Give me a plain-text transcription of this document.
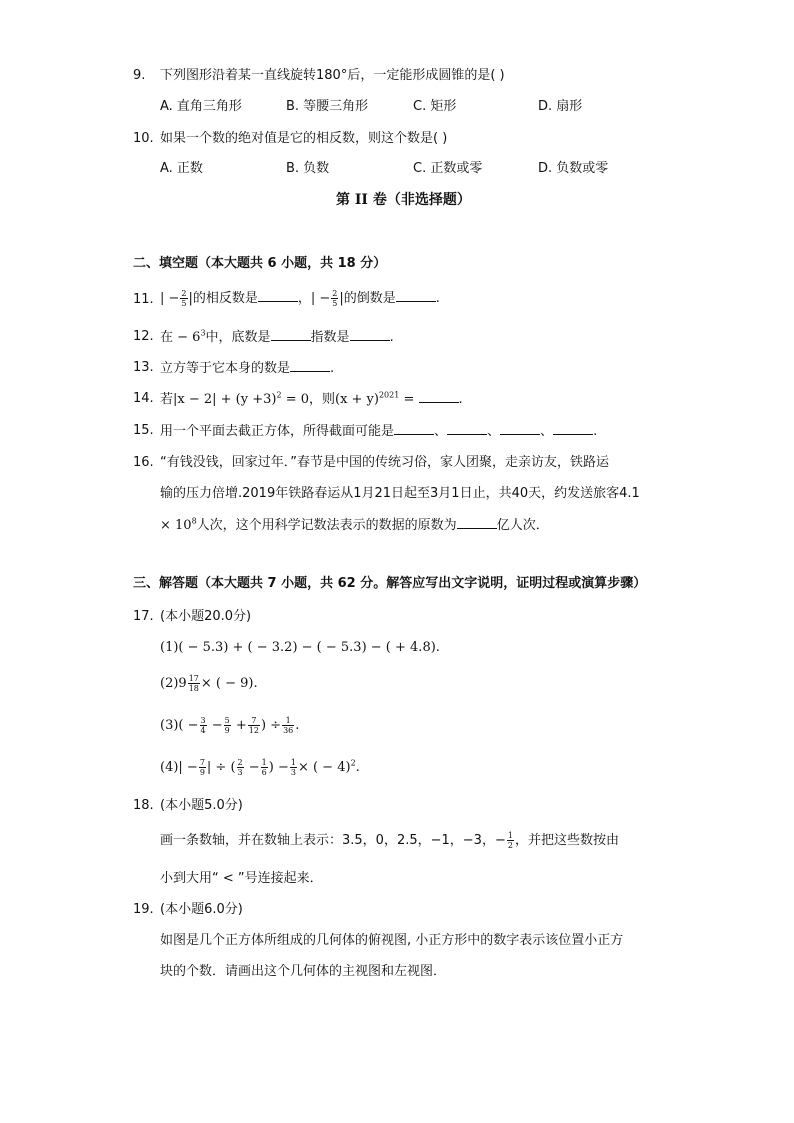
9. 下列图形沿着某一直线旋转180°后，一定能形成圆锥的是( )
A. 直角三角形	B. 等腰三角形	C. 矩形	D. 扇形
10. 如果一个数的绝对值是它的相反数，则这个数是( )
A. 正数	B. 负数	C. 正数或零	D. 负数或零
第 II 卷（非选择题）
二、填空题（本大题共 6 小题，共 18 分）
11. | − $\frac{2}{5}$ |的相反数是	，| − $\frac{2}{5}$ |的倒数是	.
12. 在 − $6^3$中，底数是	指数是	.
13. 立方等于它本身的数是	.
14. 若$|x - 2| + (y +3)^2 = 0$，则$(x + y)^{2021}$ =	.
15. 用一个平面去截正方体，所得截面可能是	、	、	、	.
16. “有钱没钱，回家过年．”春节是中国的传统习俗，家人团聚，走亲访友，铁路运
输的压力倍增.2019年铁路春运从1月21日起至3月1日止，共40天，约发送旅客4.1
× $10^8$人次，这个用科学记数法表示的数据的原数为	亿人次．
三、解答题（本大题共 7 小题，共 62 分。解答应写出文字说明，证明过程或演算步骤）
17. (本小题20.0分)
(1)( − 5.3) + ( − 3.2) − ( − 5.3) − ( + 4.8).
$(2)9 \frac{17}{18}$ × ( − 9).
$(3)( - \frac{3}{4} - \frac{5}{9} + \frac{7}{12}$ ) ÷ $\frac{1}{36}$ .
$(4)| - \frac{7}{9}$ | ÷ ( $\frac{2}{3} - \frac{1}{6}$ ) − $\frac{1}{3}$ × ( − 4)$^2$.
18. (本小题5.0分)
画一条数轴，并在数轴上表示：3.5，0，2.5，−1，−3，− $\frac{1}{2}$ ，并把这些数按由
小到大用“ < ”号连接起来．
19. (本小题6.0分)
如图是几个正方体所组成的几何体的俯视图, 小正方形中的数字表示该位置小正方
块的个数．请画出这个几何体的主视图和左视图．
